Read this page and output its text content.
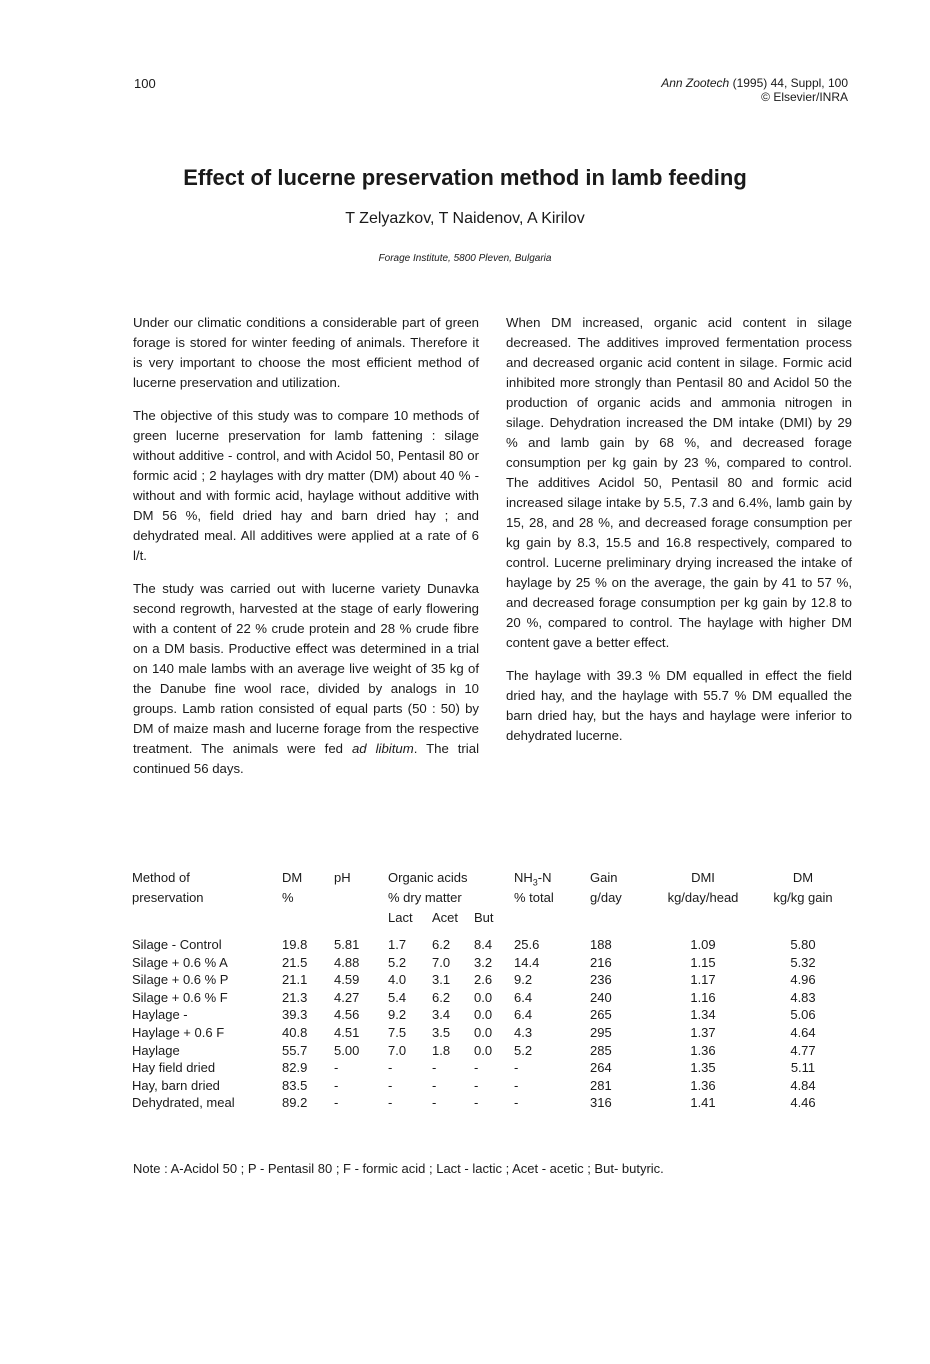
100	Ann Zootech (1995) 44, Suppl, 100
© Elsevier/INRA
Effect of lucerne preservation method in lamb feeding
T Zelyazkov, T Naidenov, A Kirilov
Forage Institute, 5800 Pleven, Bulgaria

Under our climatic conditions a considerable part of green forage is stored for winter feeding of animals. Therefore it is very important to choose the most efficient method of lucerne preservation and utilization.

The objective of this study was to compare 10 methods of green lucerne preservation for lamb fattening : silage without additive - control, and with Acidol 50, Pentasil 80 or formic acid ; 2 haylages with dry matter (DM) about 40 % - without and with formic acid, haylage without additive with DM 56 %, field dried hay and barn dried hay ; and dehydrated meal. All additives were applied at a rate of 6 l/t.

The study was carried out with lucerne variety Dunavka second regrowth, harvested at the stage of early flowering with a content of 22 % crude protein and 28 % crude fibre on a DM basis. Productive effect was determined in a trial on 140 male lambs with an average live weight of 35 kg of the Danube fine wool race, divided by analogs in 10 groups. Lamb ration consisted of equal parts (50 : 50) by DM of maize mash and lucerne forage from the respective treatment. The animals were fed ad libitum. The trial continued 56 days.

When DM increased, organic acid content in silage decreased. The additives improved fermentation process and decreased organic acid content in silage. Formic acid inhibited more strongly than Pentasil 80 and Acidol 50 the production of organic acids and ammonia nitrogen in silage. Dehydration increased the DM intake (DMI) by 29 % and lamb gain by 68 %, and decreased forage consumption per kg gain by 23 %, compared to control. The additives Acidol 50, Pentasil 80 and formic acid increased silage intake by 5.5, 7.3 and 6.4%, lamb gain by 15, 28, and 28 %, and decreased forage consumption per kg gain by 8.3, 15.5 and 16.8 respectively, compared to control. Lucerne preliminary drying increased the intake of haylage by 25 % on the average, the gain by 41 to 57 %, and decreased forage consumption per kg gain by 12.8 to 20 %, compared to control. The haylage with higher DM content gave a better effect.

The haylage with 39.3 % DM equalled in effect the field dried hay, and the haylage with 55.7 % DM equalled the barn dried hay, but the hays and haylage were inferior to dehydrated lucerne.

Method of	DM	pH	Organic acids			$NH_3-N$	Gain	DMI	DM
preservation	%		% dry matter			% total	g/day	kg/day/head	kg/kg gain
			Lact	Acet	But				
Silage - Control	19.8	5.81	1.7	6.2	8.4	25.6	188	1.09	5.80
Silage + 0.6 % A	21.5	4.88	5.2	7.0	3.2	14.4	216	1.15	5.32
Silage + 0.6 % P	21.1	4.59	4.0	3.1	2.6	9.2	236	1.17	4.96
Silage + 0.6 % F	21.3	4.27	5.4	6.2	0.0	6.4	240	1.16	4.83
Haylage -	39.3	4.56	9.2	3.4	0.0	6.4	265	1.34	5.06
Haylage + 0.6 F	40.8	4.51	7.5	3.5	0.0	4.3	295	1.37	4.64
Haylage	55.7	5.00	7.0	1.8	0.0	5.2	285	1.36	4.77
Hay field dried	82.9	-	-	-	-	-	264	1.35	5.11
Hay, barn dried	83.5	-	-	-	-	-	281	1.36	4.84
Dehydrated, meal	89.2	-	-	-	-	-	316	1.41	4.46
Note : A-Acidol 50 ; P - Pentasil 80 ; F - formic acid ; Lact - lactic ; Acet - acetic ; But- butyric.
